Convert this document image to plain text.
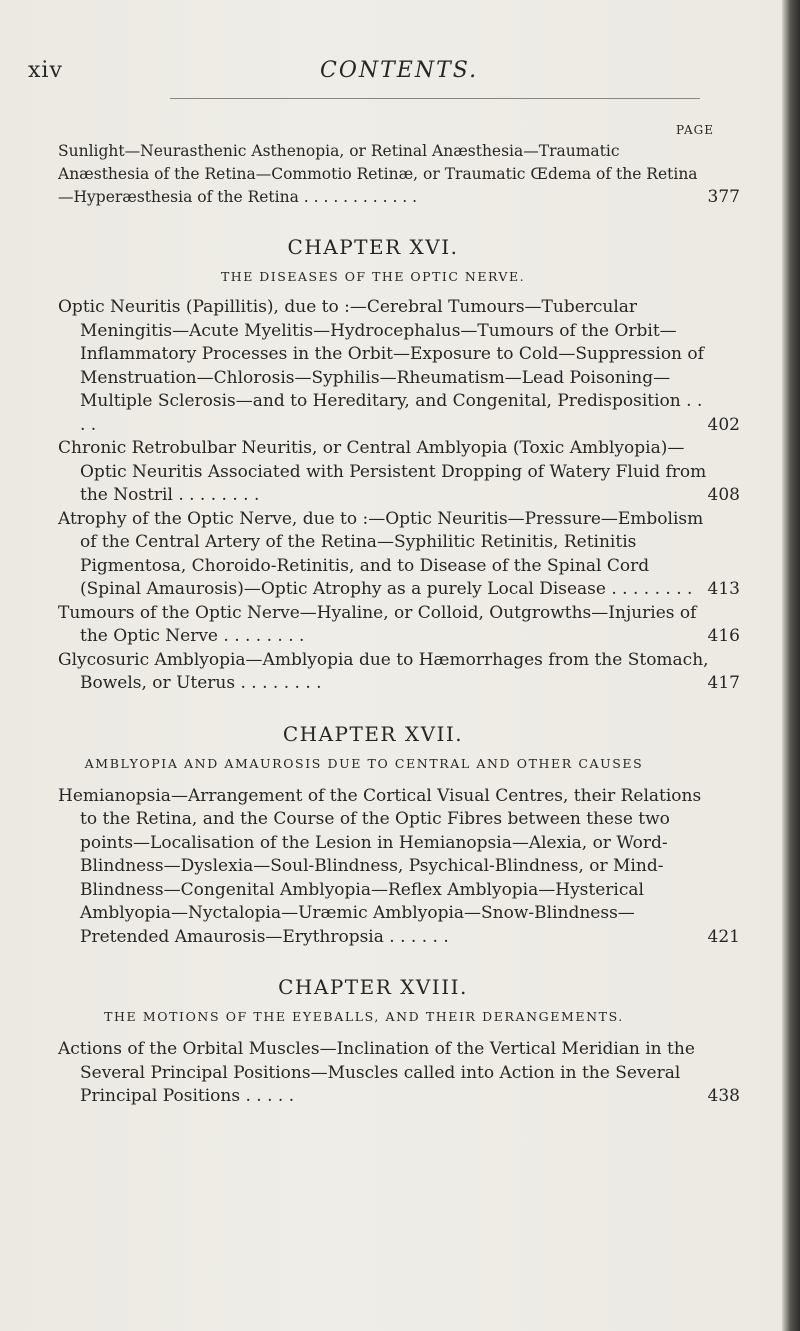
xiv	CONTENTS.
PAGE
Sunlight—Neurasthenic Asthenopia, or Retinal Anæsthesia—Traumatic Anæsthesia of the Retina—Commotio Retinæ, or Traumatic Œdema of the Retina—Hyperæsthesia of the Retina . . . . . . . . . . . .	377
CHAPTER XVI.
THE DISEASES OF THE OPTIC NERVE.
Optic Neuritis (Papillitis), due to :—Cerebral Tumours—Tubercular Meningitis—Acute Myelitis—Hydrocephalus—Tumours of the Orbit—Inflammatory Processes in the Orbit—Exposure to Cold—Suppression of Menstruation—Chlorosis—Syphilis—Rheumatism—Lead Poisoning—Multiple Sclerosis—and to Hereditary, and Congenital, Predisposition . . . .	402
Chronic Retrobulbar Neuritis, or Central Amblyopia (Toxic Amblyopia)—Optic Neuritis Associated with Persistent Dropping of Watery Fluid from the Nostril . . . . . . . .	408
Atrophy of the Optic Nerve, due to :—Optic Neuritis—Pressure—Embolism of the Central Artery of the Retina—Syphilitic Retinitis, Retinitis Pigmentosa, Choroido-Retinitis, and to Disease of the Spinal Cord (Spinal Amaurosis)—Optic Atrophy as a purely Local Disease . . . . . . . . 413
Tumours of the Optic Nerve—Hyaline, or Colloid, Outgrowths—Injuries of the Optic Nerve . . . . . . . .	416
Glycosuric Amblyopia—Amblyopia due to Hæmorrhages from the Stomach, Bowels, or Uterus . . . . . . . .	417
CHAPTER XVII.
AMBLYOPIA AND AMAUROSIS DUE TO CENTRAL AND OTHER CAUSES
Hemianopsia—Arrangement of the Cortical Visual Centres, their Relations to the Retina, and the Course of the Optic Fibres between these two points—Localisation of the Lesion in Hemianopsia—Alexia, or Word-Blindness—Dyslexia—Soul-Blindness, Psychical-Blindness, or Mind-Blindness—Congenital Amblyopia—Reflex Amblyopia—Hysterical Amblyopia—Nyctalopia—Uræmic Amblyopia—Snow-Blindness—Pretended Amaurosis—Erythropsia . . . . . .	421
CHAPTER XVIII.
THE MOTIONS OF THE EYEBALLS, AND THEIR DERANGEMENTS.
Actions of the Orbital Muscles—Inclination of the Vertical Meridian in the Several Principal Positions—Muscles called into Action in the Several Principal Positions . . . . .	438
